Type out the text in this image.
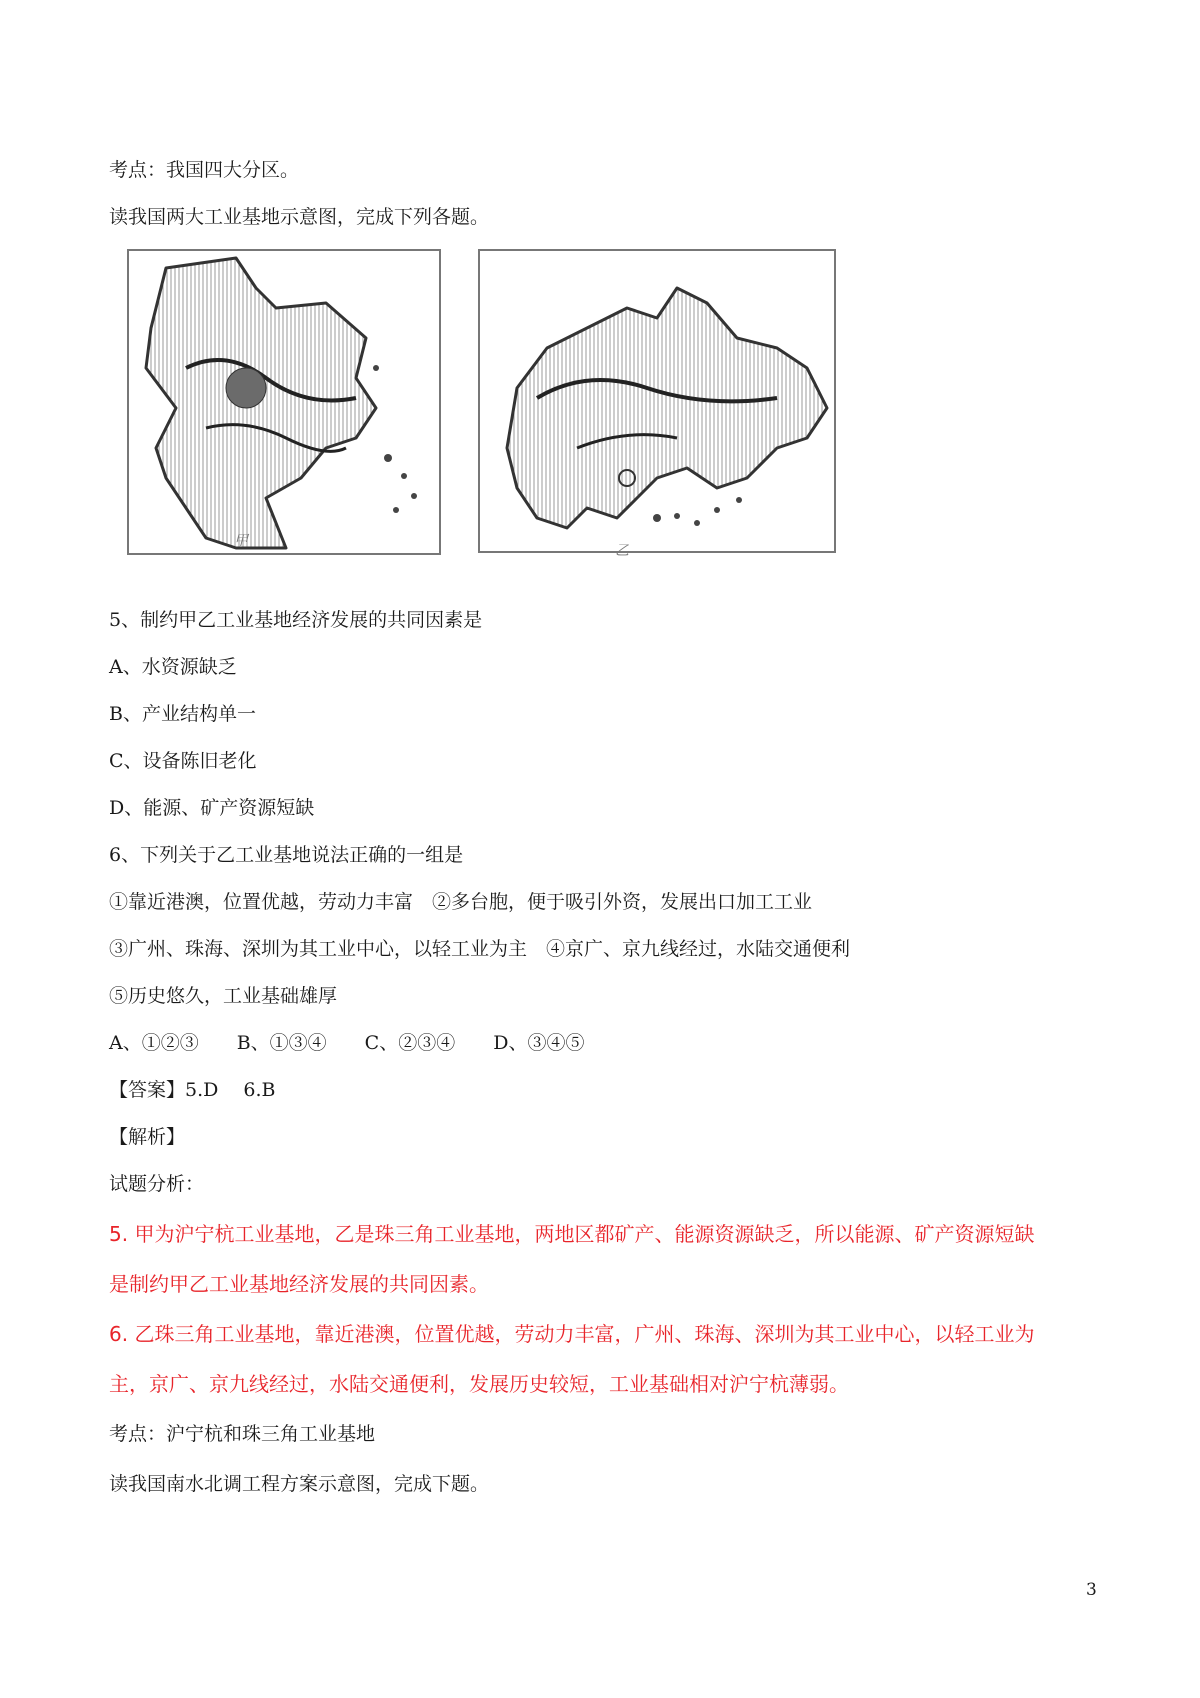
考点：我国四大分区。
读我国两大工业基地示意图，完成下列各题。
甲
乙
5、制约甲乙工业基地经济发展的共同因素是
A、水资源缺乏
B、产业结构单一
C、设备陈旧老化
D、能源、矿产资源短缺
6、下列关于乙工业基地说法正确的一组是
①靠近港澳，位置优越，劳动力丰富　②多台胞，便于吸引外资，发展出口加工工业
③广州、珠海、深圳为其工业中心，以轻工业为主　④京广、京九线经过，水陆交通便利
⑤历史悠久，工业基础雄厚
A、①②③　　B、①③④　　C、②③④　　D、③④⑤
【答案】5.D　 6.B
【解析】
试题分析：
5. 甲为沪宁杭工业基地，乙是珠三角工业基地，两地区都矿产、能源资源缺乏，所以能源、矿产资源短缺
是制约甲乙工业基地经济发展的共同因素。
6. 乙珠三角工业基地，靠近港澳，位置优越，劳动力丰富，广州、珠海、深圳为其工业中心，以轻工业为
主，京广、京九线经过，水陆交通便利，发展历史较短，工业基础相对沪宁杭薄弱。
考点：沪宁杭和珠三角工业基地
读我国南水北调工程方案示意图，完成下题。
3
